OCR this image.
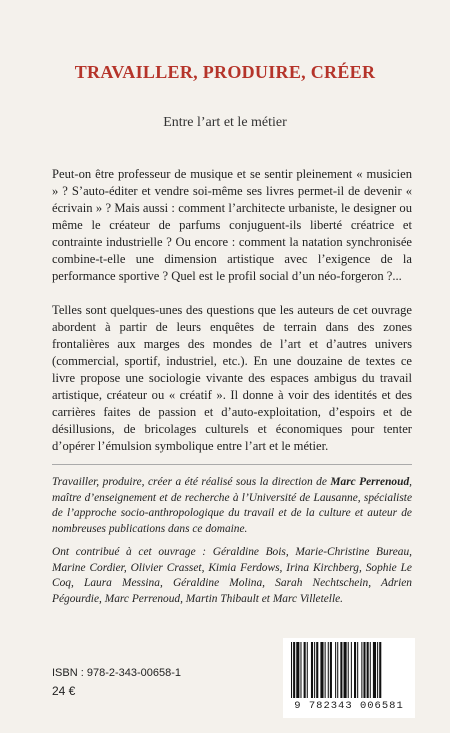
TRAVAILLER, PRODUIRE, CRÉER
Entre l’art et le métier

Peut-on être professeur de musique et se sentir pleinement « musicien » ? S’auto-éditer et vendre soi-même ses livres permet-il de devenir « écrivain » ? Mais aussi : comment l’architecte urbaniste, le designer ou même le créateur de parfums conjuguent-ils liberté créatrice et contrainte industrielle ? Ou encore : comment la natation synchronisée combine-t-elle une dimension artistique avec l’exigence de la performance sportive ? Quel est le profil social d’un néo-forgeron ?...

Telles sont quelques-unes des questions que les auteurs de cet ouvrage abordent à partir de leurs enquêtes de terrain dans des zones frontalières aux marges des mondes de l’art et d’autres univers (commercial, sportif, industriel, etc.). En une douzaine de textes ce livre propose une sociologie vivante des espaces ambigus du travail artistique, créateur ou « créatif ». Il donne à voir des identités et des carrières faites de passion et d’auto-exploitation, d’espoirs et de désillusions, de bricolages culturels et économiques pour tenter d’opérer l’émulsion symbolique entre l’art et le métier.

Travailler, produire, créer a été réalisé sous la direction de Marc Perrenoud, maître d’enseignement et de recherche à l’Université de Lausanne, spécialiste de l’approche socio-anthropologique du travail et de la culture et auteur de nombreuses publications dans ce domaine.

Ont contribué à cet ouvrage : Géraldine Bois, Marie-Christine Bureau, Marine Cordier, Olivier Crasset, Kimia Ferdows, Irina Kirchberg, Sophie Le Coq, Laura Messina, Géraldine Molina, Sarah Nechtschein, Adrien Pégourdie, Marc Perrenoud, Martin Thibault et Marc Villetelle.

ISBN : 978-2-343-00658-1
24 €
9 782343 006581
